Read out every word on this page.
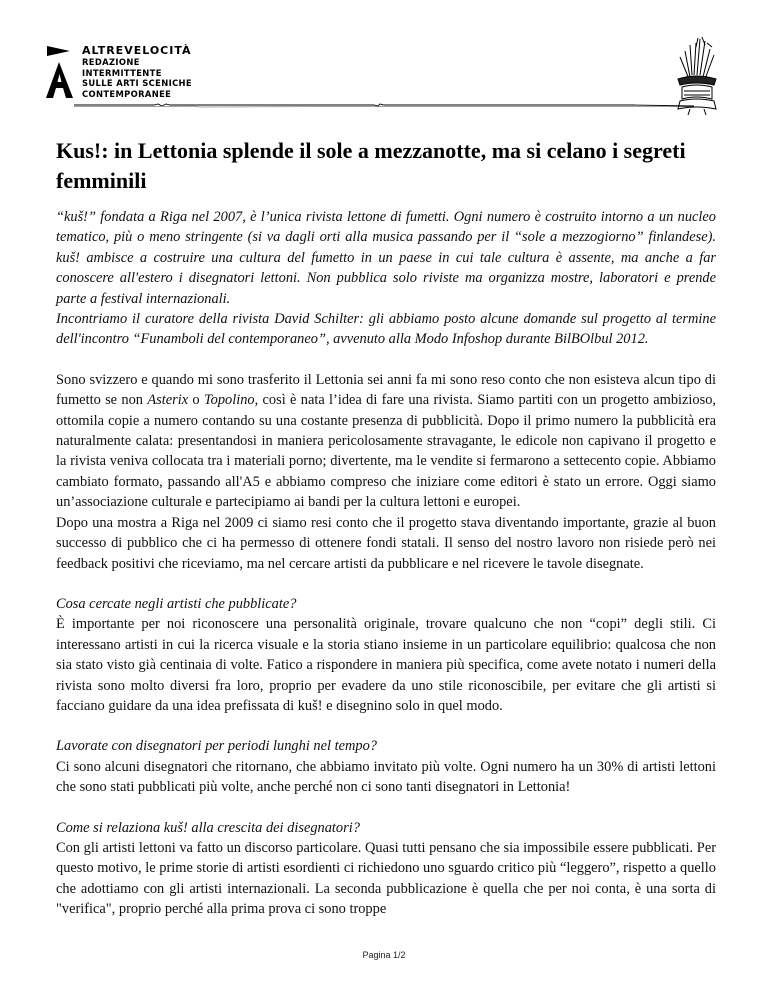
ALTREVELOCITÀ
REDAZIONE
INTERMITTENTE
SULLE ARTI SCENICHE
CONTEMPORANEE
Kus!: in Lettonia splende il sole a mezzanotte, ma si celano i segreti femminili

“kuš!” fondata a Riga nel 2007, è l’unica rivista lettone di fumetti. Ogni numero è costruito intorno a un nucleo tematico, più o meno stringente (si va dagli orti alla musica passando per il “sole a mezzogiorno” finlandese). kuš! ambisce a costruire una cultura del fumetto in un paese in cui tale cultura è assente, ma anche a far conoscere all'estero i disegnatori lettoni. Non pubblica solo riviste ma organizza mostre, laboratori e prende parte a festival internazionali.

Incontriamo il curatore della rivista David Schilter: gli abbiamo posto alcune domande sul progetto al termine dell'incontro “Funamboli del contemporaneo”, avvenuto alla Modo Infoshop durante BilBOlbul 2012.

Sono svizzero e quando mi sono trasferito il Lettonia sei anni fa mi sono reso conto che non esisteva alcun tipo di fumetto se non Asterix o Topolino, così è nata l’idea di fare una rivista. Siamo partiti con un progetto ambizioso, ottomila copie a numero contando su una costante presenza di pubblicità. Dopo il primo numero la pubblicità era naturalmente calata: presentandosi in maniera pericolosamente stravagante, le edicole non capivano il progetto e la rivista veniva collocata tra i materiali porno; divertente, ma le vendite si fermarono a settecento copie. Abbiamo cambiato formato, passando all'A5 e abbiamo compreso che iniziare come editori è stato un errore. Oggi siamo un’associazione culturale e partecipiamo ai bandi per la cultura lettoni e europei.

Dopo una mostra a Riga nel 2009 ci siamo resi conto che il progetto stava diventando importante, grazie al buon successo di pubblico che ci ha permesso di ottenere fondi statali. Il senso del nostro lavoro non risiede però nei feedback positivi che riceviamo, ma nel cercare artisti da pubblicare e nel ricevere le tavole disegnate.

Cosa cercate negli artisti che pubblicate?

È importante per noi riconoscere una personalità originale, trovare qualcuno che non “copi” degli stili. Ci interessano artisti in cui la ricerca visuale e la storia stiano insieme in un particolare equilibrio: qualcosa che non sia stato visto già centinaia di volte. Fatico a rispondere in maniera più specifica, come avete notato i numeri della rivista sono molto diversi fra loro, proprio per evadere da uno stile riconoscibile, per evitare che gli artisti si facciano guidare da una idea prefissata di kuš! e disegnino solo in quel modo.

Lavorate con disegnatori per periodi lunghi nel tempo?

Ci sono alcuni disegnatori che ritornano, che abbiamo invitato più volte. Ogni numero ha un 30% di artisti lettoni che sono stati pubblicati più volte, anche perché non ci sono tanti disegnatori in Lettonia!

Come si relaziona kuš! alla crescita dei disegnatori?

Con gli artisti lettoni va fatto un discorso particolare. Quasi tutti pensano che sia impossibile essere pubblicati. Per questo motivo, le prime storie di artisti esordienti ci richiedono uno sguardo critico più “leggero”, rispetto a quello che adottiamo con gli artisti internazionali. La seconda pubblicazione è quella che per noi conta, è una sorta di "verifica", proprio perché alla prima prova ci sono troppe

Pagina 1/2
